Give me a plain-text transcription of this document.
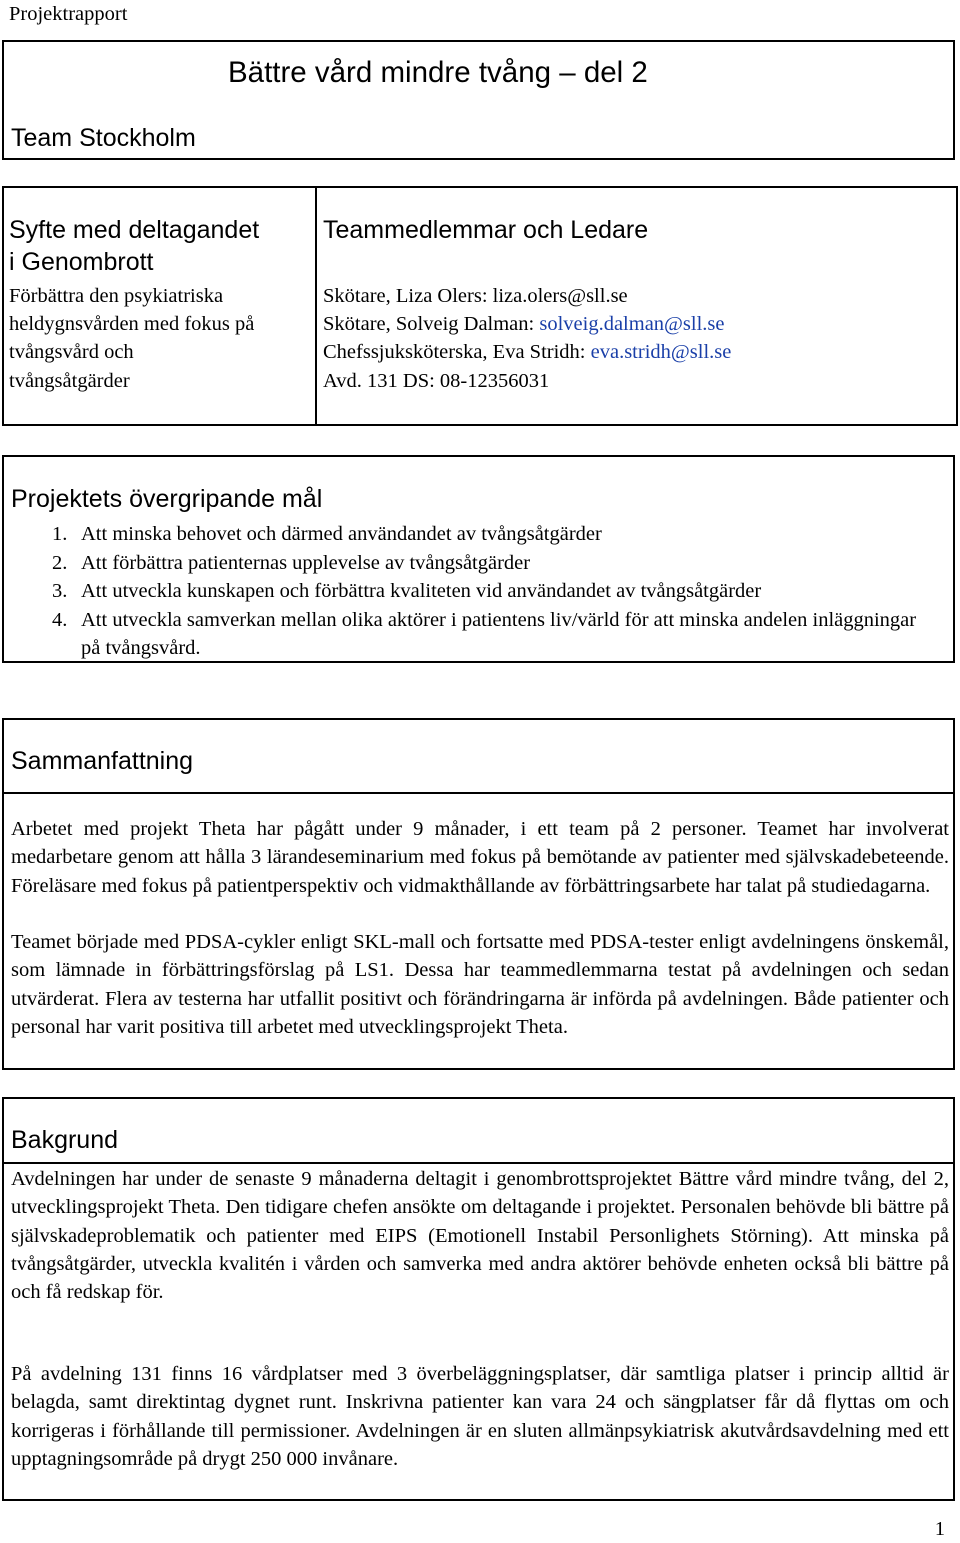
Projektrapport
Bättre vård mindre tvång – del 2
Team Stockholm
Syfte med deltagandet
i Genombrott
Förbättra den psykiatriska
heldygnsvården med fokus på
tvångsvård och
tvångsåtgärder
Teammedlemmar och Ledare
Skötare, Liza Olers: liza.olers@sll.se
Skötare, Solveig Dalman: solveig.dalman@sll.se
Chefssjuksköterska, Eva Stridh: eva.stridh@sll.se
Avd. 131 DS: 08-12356031
Projektets övergripande mål
1. Att minska behovet och därmed användandet av tvångsåtgärder
2. Att förbättra patienternas upplevelse av tvångsåtgärder
3. Att utveckla kunskapen och förbättra kvaliteten vid användandet av tvångsåtgärder
4. Att utveckla samverkan mellan olika aktörer i patientens liv/värld för att minska andelen inläggningar på tvångsvård.
Sammanfattning
Arbetet med projekt Theta har pågått under 9 månader, i ett team på 2 personer. Teamet har involverat medarbetare genom att hålla 3 lärandeseminarium med fokus på bemötande av patienter med självskadebeteende. Föreläsare med fokus på patientperspektiv och vidmakthållande av förbättringsarbete har talat på studiedagarna.
Teamet började med PDSA-cykler enligt SKL-mall och fortsatte med PDSA-tester enligt avdelningens önskemål, som lämnade in förbättringsförslag på LS1. Dessa har teammedlemmarna testat på avdelningen och sedan utvärderat. Flera av testerna har utfallit positivt och förändringarna är införda på avdelningen. Både patienter och personal har varit positiva till arbetet med utvecklingsprojekt Theta.
Bakgrund
Avdelningen har under de senaste 9 månaderna deltagit i genombrottsprojektet Bättre vård mindre tvång, del 2, utvecklingsprojekt Theta. Den tidigare chefen ansökte om deltagande i projektet. Personalen behövde bli bättre på självskadeproblematik och patienter med EIPS (Emotionell Instabil Personlighets Störning). Att minska på tvångsåtgärder, utveckla kvalitén i vården och samverka med andra aktörer behövde enheten också bli bättre på och få redskap för.
På avdelning 131 finns 16 vårdplatser med 3 överbeläggningsplatser, där samtliga platser i princip alltid är belagda, samt direktintag dygnet runt. Inskrivna patienter kan vara 24 och sängplatser får då flyttas om och korrigeras i förhållande till permissioner. Avdelningen är en sluten allmänpsykiatrisk akutvårdsavdelning med ett upptagningsområde på drygt 250 000 invånare.
1
